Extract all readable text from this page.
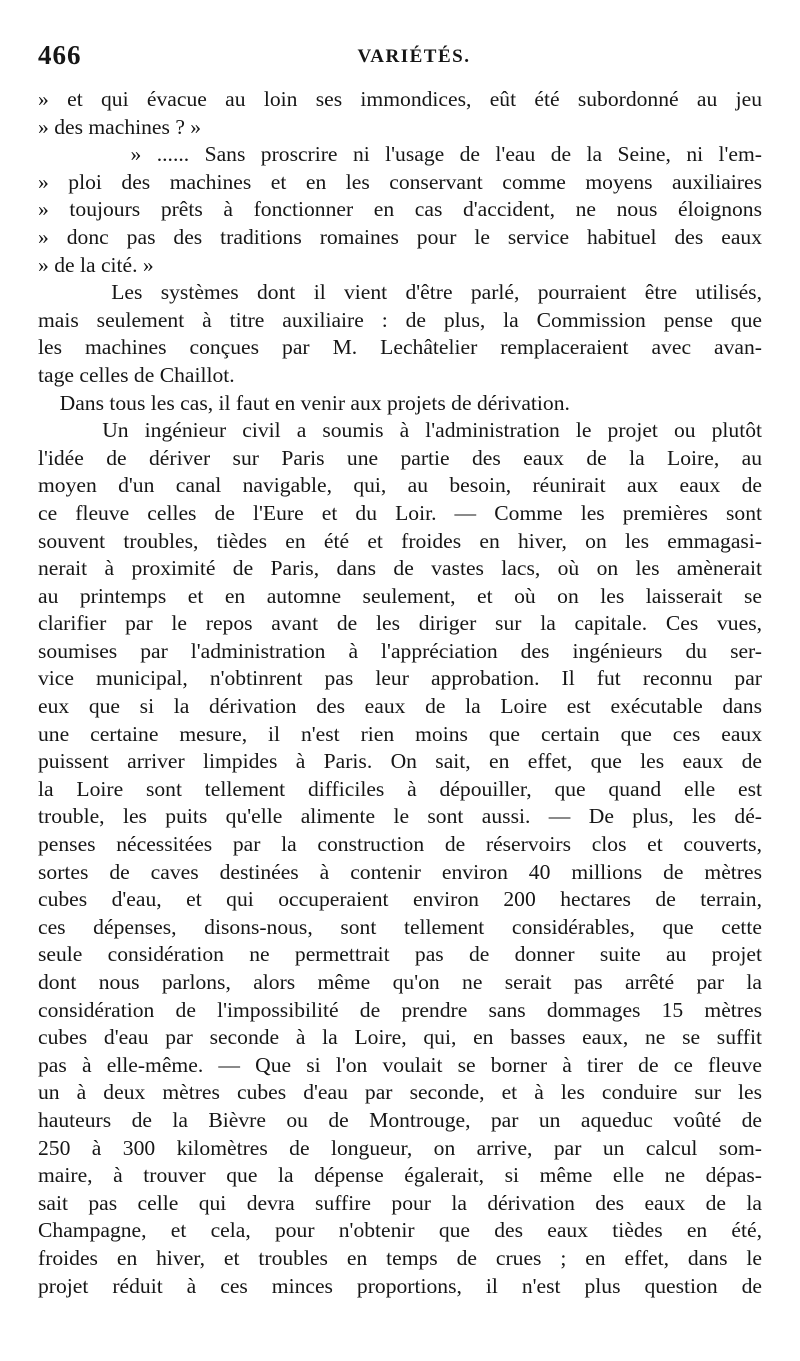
466	VARIÉTÉS.
» et qui évacue au loin ses immondices, eût été subordonné au jeu
» des machines ? »
» ...... Sans proscrire ni l'usage de l'eau de la Seine, ni l'em-
» ploi des machines et en les conservant comme moyens auxiliaires
» toujours prêts à fonctionner en cas d'accident, ne nous éloignons
» donc pas des traditions romaines pour le service habituel des eaux
» de la cité. »
Les systèmes dont il vient d'être parlé, pourraient être utilisés,
mais seulement à titre auxiliaire : de plus, la Commission pense que
les machines conçues par M. Lechâtelier remplaceraient avec avan-
tage celles de Chaillot.
Dans tous les cas, il faut en venir aux projets de dérivation.
Un ingénieur civil a soumis à l'administration le projet ou plutôt
l'idée de dériver sur Paris une partie des eaux de la Loire, au
moyen d'un canal navigable, qui, au besoin, réunirait aux eaux de
ce fleuve celles de l'Eure et du Loir. — Comme les premières sont
souvent troubles, tièdes en été et froides en hiver, on les emmagasi-
nerait à proximité de Paris, dans de vastes lacs, où on les amènerait
au printemps et en automne seulement, et où on les laisserait se
clarifier par le repos avant de les diriger sur la capitale. Ces vues,
soumises par l'administration à l'appréciation des ingénieurs du ser-
vice municipal, n'obtinrent pas leur approbation. Il fut reconnu par
eux que si la dérivation des eaux de la Loire est exécutable dans
une certaine mesure, il n'est rien moins que certain que ces eaux
puissent arriver limpides à Paris. On sait, en effet, que les eaux de
la Loire sont tellement difficiles à dépouiller, que quand elle est
trouble, les puits qu'elle alimente le sont aussi. — De plus, les dé-
penses nécessitées par la construction de réservoirs clos et couverts,
sortes de caves destinées à contenir environ 40 millions de mètres
cubes d'eau, et qui occuperaient environ 200 hectares de terrain,
ces dépenses, disons-nous, sont tellement considérables, que cette
seule considération ne permettrait pas de donner suite au projet
dont nous parlons, alors même qu'on ne serait pas arrêté par la
considération de l'impossibilité de prendre sans dommages 15 mètres
cubes d'eau par seconde à la Loire, qui, en basses eaux, ne se suffit
pas à elle-même. — Que si l'on voulait se borner à tirer de ce fleuve
un à deux mètres cubes d'eau par seconde, et à les conduire sur les
hauteurs de la Bièvre ou de Montrouge, par un aqueduc voûté de
250 à 300 kilomètres de longueur, on arrive, par un calcul som-
maire, à trouver que la dépense égalerait, si même elle ne dépas-
sait pas celle qui devra suffire pour la dérivation des eaux de la
Champagne, et cela, pour n'obtenir que des eaux tièdes en été,
froides en hiver, et troubles en temps de crues ; en effet, dans le
projet réduit à ces minces proportions, il n'est plus question de
